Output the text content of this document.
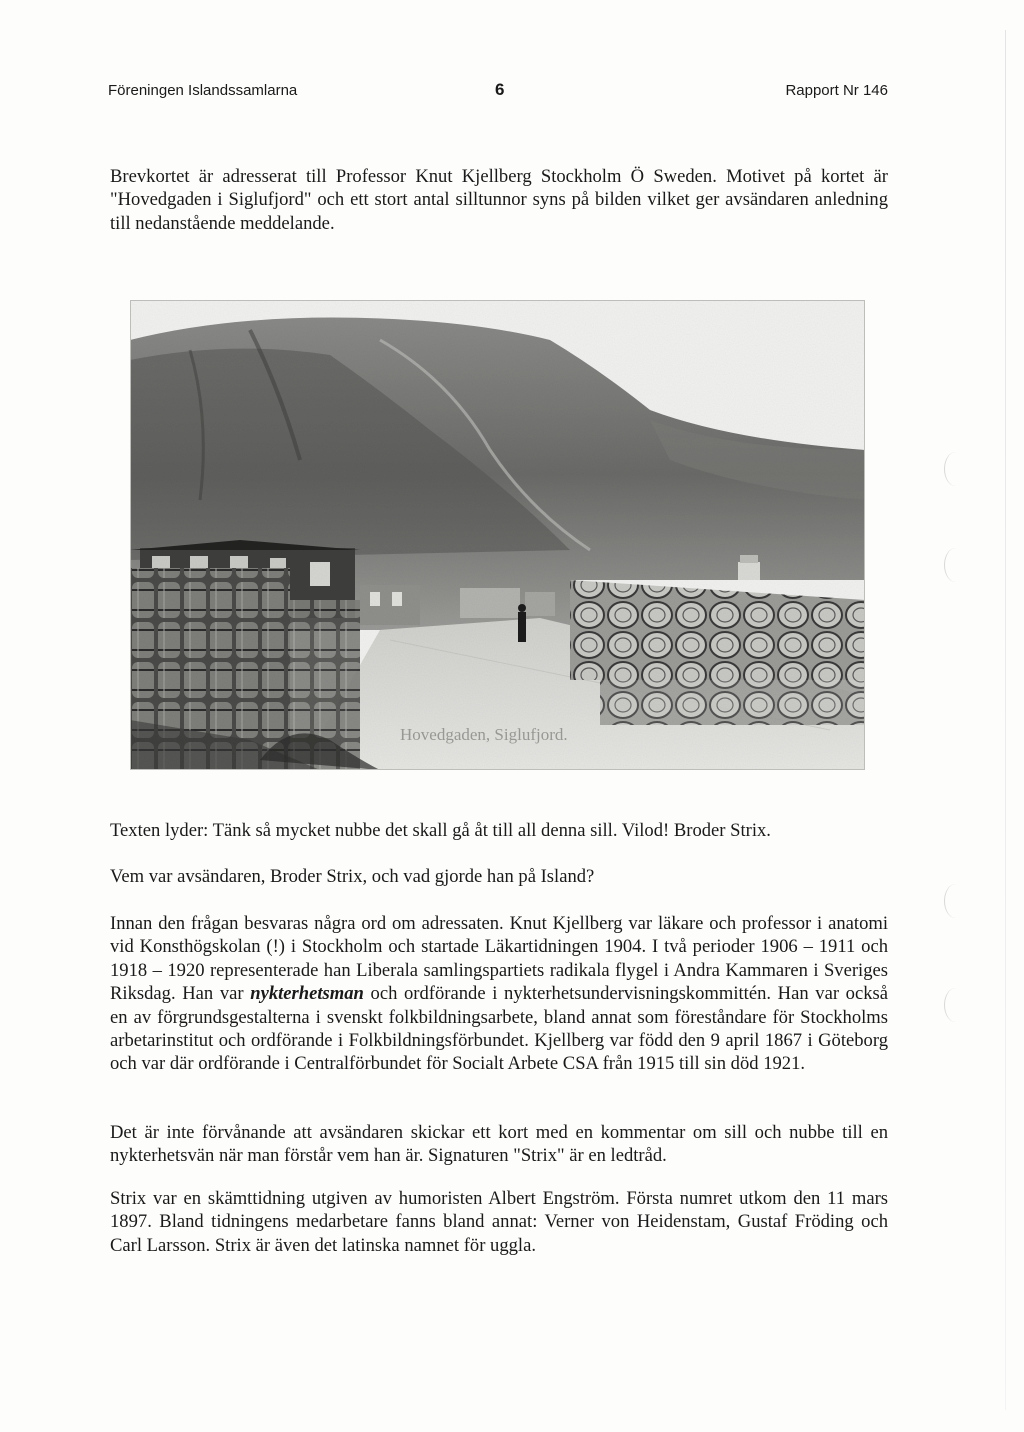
Föreningen Islandssamlarna	6	Rapport Nr 146

Brevkortet är adresserat till Professor Knut Kjellberg Stockholm Ö Sweden. Motivet på kortet är "Hovedgaden i Siglufjord" och ett stort antal silltunnor syns på bilden vilket ger avsändaren anledning till nedanstående meddelande.

Hovedgaden, Siglufjord.

Texten lyder: Tänk så mycket nubbe det skall gå åt till all denna sill. Vilod! Broder Strix.

Vem var avsändaren, Broder Strix, och vad gjorde han på Island?

Innan den frågan besvaras några ord om adressaten. Knut Kjellberg var läkare och professor i anatomi vid Konsthögskolan (!) i Stockholm och startade Läkartidningen 1904. I två perioder 1906 – 1911 och 1918 – 1920 representerade han Liberala samlingspartiets radikala flygel i Andra Kammaren i Sveriges Riksdag. Han var nykterhetsman och ordförande i nykterhetsundervisningskommittén. Han var också en av förgrundsgestalterna i svenskt folkbildningsarbete, bland annat som föreståndare för Stockholms arbetarinstitut och ordförande i Folkbildningsförbundet. Kjellberg var född den 9 april 1867 i Göteborg och var där ordförande i Centralförbundet för Socialt Arbete CSA från 1915 till sin död 1921.

Det är inte förvånande att avsändaren skickar ett kort med en kommentar om sill och nubbe till en nykterhetsvän när man förstår vem han är. Signaturen "Strix" är en ledtråd.

Strix var en skämttidning utgiven av humoristen Albert Engström. Första numret utkom den 11 mars 1897. Bland tidningens medarbetare fanns bland annat: Verner von Heidenstam, Gustaf Fröding och Carl Larsson. Strix är även det latinska namnet för uggla.
